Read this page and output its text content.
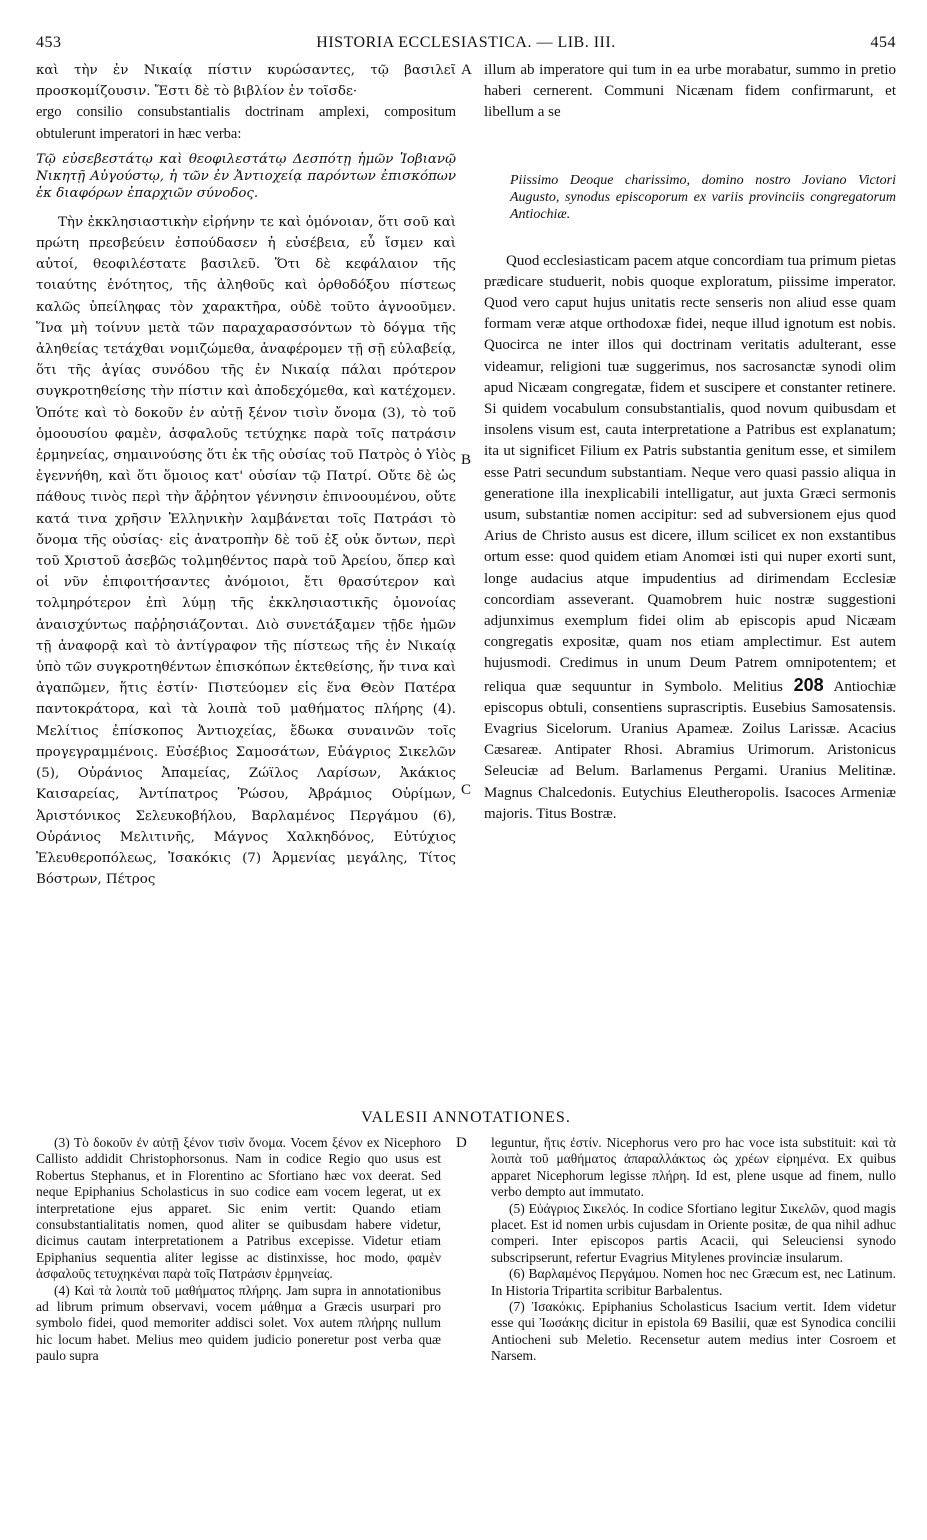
453	HISTORIA ECCLESIASTICA. — LIB. III.	454

καὶ τὴν ἐν Νικαίᾳ πίστιν κυρώσαντες, τῷ βασιλεῖ προσκομίζουσιν. Ἔστι δὲ τὸ βιβλίον ἐν τοῖσδε·

ergo consilio consubstantialis doctrinam amplexi, compositum obtulerunt imperatori in hæc verba:

Τῷ εὐσεβεστάτῳ καὶ θεοφιλεστάτῳ Δεσπότῃ ἡμῶν Ἰοβιανῷ Νικητῇ Αὐγούστῳ, ἡ τῶν ἐν Ἀντιοχείᾳ παρόντων ἐπισκόπων ἐκ διαφόρων ἐπαρχιῶν σύνοδος.

Τὴν ἐκκλησιαστικὴν εἰρήνην τε καὶ ὁμόνοιαν, ὅτι σοῦ καὶ πρώτη πρεσβεύειν ἐσπούδασεν ἡ εὐσέβεια, εὖ ἴσμεν καὶ αὐτοί, θεοφιλέστατε βασιλεῦ. Ὅτι δὲ κεφάλαιον τῆς τοιαύτης ἑνότητος, τῆς ἀληθοῦς καὶ ὀρθοδόξου πίστεως καλῶς ὑπείληφας τὸν χαρακτῆρα, οὐδὲ τοῦτο ἀγνοοῦμεν. Ἵνα μὴ τοίνυν μετὰ τῶν παραχαρασσόντων τὸ δόγμα τῆς ἀληθείας τετάχθαι νομιζώμεθα, ἀναφέρομεν τῇ σῇ εὐλαβείᾳ, ὅτι τῆς ἁγίας συνόδου τῆς ἐν Νικαίᾳ πάλαι πρότερον συγκροτηθείσης τὴν πίστιν καὶ ἀποδεχόμεθα, καὶ κατέχομεν. Ὁπότε καὶ τὸ δοκοῦν ἐν αὐτῇ ξένον τισὶν ὄνομα (3), τὸ τοῦ ὁμοουσίου φαμὲν, ἀσφαλοῦς τετύχηκε παρὰ τοῖς πατράσιν ἑρμηνείας, σημαινούσης ὅτι ἐκ τῆς οὐσίας τοῦ Πατρὸς ὁ Υἱὸς ἐγεννήθη, καὶ ὅτι ὅμοιος κατ' οὐσίαν τῷ Πατρί. Οὔτε δὲ ὡς πάθους τινὸς περὶ τὴν ἄῤῥητον γέννησιν ἐπινοουμένου, οὔτε κατά τινα χρῆσιν Ἑλληνικὴν λαμβάνεται τοῖς Πατράσι τὸ ὄνομα τῆς οὐσίας· εἰς ἀνατροπὴν δὲ τοῦ ἐξ οὐκ ὄντων, περὶ τοῦ Χριστοῦ ἀσεβῶς τολμηθέντος παρὰ τοῦ Ἀρείου, ὅπερ καὶ οἱ νῦν ἐπιφοιτήσαντες ἀνόμοιοι, ἔτι θρασύτερον καὶ τολμηρότερον ἐπὶ λύμῃ τῆς ἐκκλησιαστικῆς ὁμονοίας ἀναισχύντως παῤῥησιάζονται. Διὸ συνετάξαμεν τῇδε ἡμῶν τῇ ἀναφορᾷ καὶ τὸ ἀντίγραφον τῆς πίστεως τῆς ἐν Νικαίᾳ ὑπὸ τῶν συγκροτηθέντων ἐπισκόπων ἐκτεθείσης, ἥν τινα καὶ ἀγαπῶμεν, ἥτις ἐστίν· Πιστεύομεν εἰς ἕνα Θεὸν Πατέρα παντοκράτορα, καὶ τὰ λοιπὰ τοῦ μαθήματος πλήρης (4). Μελίτιος ἐπίσκοπος Ἀντιοχείας, ἔδωκα συναινῶν τοῖς προγεγραμμένοις. Εὐσέβιος Σαμοσάτων, Εὐάγριος Σικελῶν (5), Οὐράνιος Ἀπαμείας, Ζώϊλος Λαρίσων, Ἀκάκιος Καισαρείας, Ἀντίπατρος Ῥώσου, Ἀβράμιος Οὐρίμων, Ἀριστόνικος Σελευκοβήλου, Βαρλαμένος Περγάμου (6), Οὐράνιος Μελιτινῆς, Μάγνος Χαλκηδόνος, Εὐτύχιος Ἐλευθεροπόλεως, Ἰσακόκις (7) Ἀρμενίας μεγάλης, Τίτος Βόστρων, Πέτρος

A
B
C

illum ab imperatore qui tum in ea urbe morabatur, summo in pretio haberi cernerent. Communi Nicænam fidem confirmarunt, et libellum a se

Piissimo Deoque charissimo, domino nostro Joviano Victori Augusto, synodus episcoporum ex variis provinciis congregatorum Antiochiæ.

Quod ecclesiasticam pacem atque concordiam tua primum pietas prædicare studuerit, nobis quoque exploratum, piissime imperator. Quod vero caput hujus unitatis recte senseris non aliud esse quam formam veræ atque orthodoxæ fidei, neque illud ignotum est nobis. Quocirca ne inter illos qui doctrinam veritatis adulterant, esse videamur, religioni tuæ suggerimus, nos sacrosanctæ synodi olim apud Nicæam congregatæ, fidem et suscipere et constanter retinere. Si quidem vocabulum consubstantialis, quod novum quibusdam et insolens visum est, cauta interpretatione a Patribus est explanatum; ita ut significet Filium ex Patris substantia genitum esse, et similem esse Patri secundum substantiam. Neque vero quasi passio aliqua in generatione illa inexplicabili intelligatur, aut juxta Græci sermonis usum, substantiæ nomen accipitur: sed ad subversionem ejus quod Arius de Christo ausus est dicere, illum scilicet ex non exstantibus ortum esse: quod quidem etiam Anomœi isti qui nuper exorti sunt, longe audacius atque impudentius ad dirimendam Ecclesiæ concordiam asseverant. Quamobrem huic nostræ suggestioni adjunximus exemplum fidei olim ab episcopis apud Nicæam congregatis expositæ, quam nos etiam amplectimur. Est autem hujusmodi. Credimus in unum Deum Patrem omnipotentem; et reliqua quæ sequuntur in Symbolo. Melitius 208 Antiochiæ episcopus obtuli, consentiens suprascriptis. Eusebius Samosatensis. Evagrius Sicelorum. Uranius Apamеæ. Zoilus Larissæ. Acacius Cæsareæ. Antipater Rhosi. Abramius Urimorum. Aristonicus Seleuciæ ad Belum. Barlamenus Pergami. Uranius Melitinæ. Magnus Chalcedonis. Eutychius Eleutheropolis. Isacoces Armeniæ majoris. Titus Bostræ.

VALESII ANNOTATIONES.
D

(3) Τὸ δοκοῦν ἐν αὐτῇ ξένον τισὶν ὄνομα. Vocem ξένον ex Nicephoro Callisto addidit Christophorsonus. Nam in codice Regio quo usus est Robertus Stephanus, et in Florentino ac Sfortiano hæc vox deerat. Sed neque Epiphanius Scholasticus in suo codice eam vocem legerat, ut ex interpretatione ejus apparet. Sic enim vertit: Quando etiam consubstantialitatis nomen, quod aliter se quibusdam habere videtur, dicimus cautam interpretationem a Patribus excepisse. Videtur etiam Epiphanius sequentia aliter legisse ac distinxisse, hoc modo, φαμὲν ἀσφαλοῦς τετυχηκέναι παρὰ τοῖς Πατράσιν ἑρμηνείας.

(4) Καὶ τὰ λοιπὰ τοῦ μαθήματος πλήρης. Jam supra in annotationibus ad librum primum observavi, vocem μάθημα a Græcis usurpari pro symbolo fidei, quod memoriter addisci solet. Vox autem πλήρης nullum hic locum habet. Melius meo quidem judicio poneretur post verba quæ paulo supra

leguntur, ἥτις ἐστίν. Nicephorus vero pro hac voce ista substituit: καὶ τὰ λοιπὰ τοῦ μαθήματος ἀπαραλλάκτως ὡς χρέων εἰρημένα. Ex quibus apparet Nicephorum legisse πλήρη. Id est, plene usque ad finem, nullo verbo dempto aut immutato.

(5) Εὐάγριος Σικελός. In codice Sfortiano legitur Σικελῶν, quod magis placet. Est id nomen urbis cujusdam in Oriente positæ, de qua nihil adhuc comperi. Inter episcopos partis Acacii, qui Seleuciensi synodo subscripserunt, refertur Evagrius Mitylenes provinciæ insularum.

(6) Βαρλαμένος Περγάμου. Nomen hoc nec Græcum est, nec Latinum. In Historia Tripartita scribitur Barbalentus.

(7) Ἰσακόκις. Epiphanius Scholasticus Isacium vertit. Idem videtur esse qui Ἰωσάκης dicitur in epistola 69 Basilii, quæ est Synodica concilii Antiocheni sub Meletio. Recensetur autem medius inter Cosroem et Narsem.
